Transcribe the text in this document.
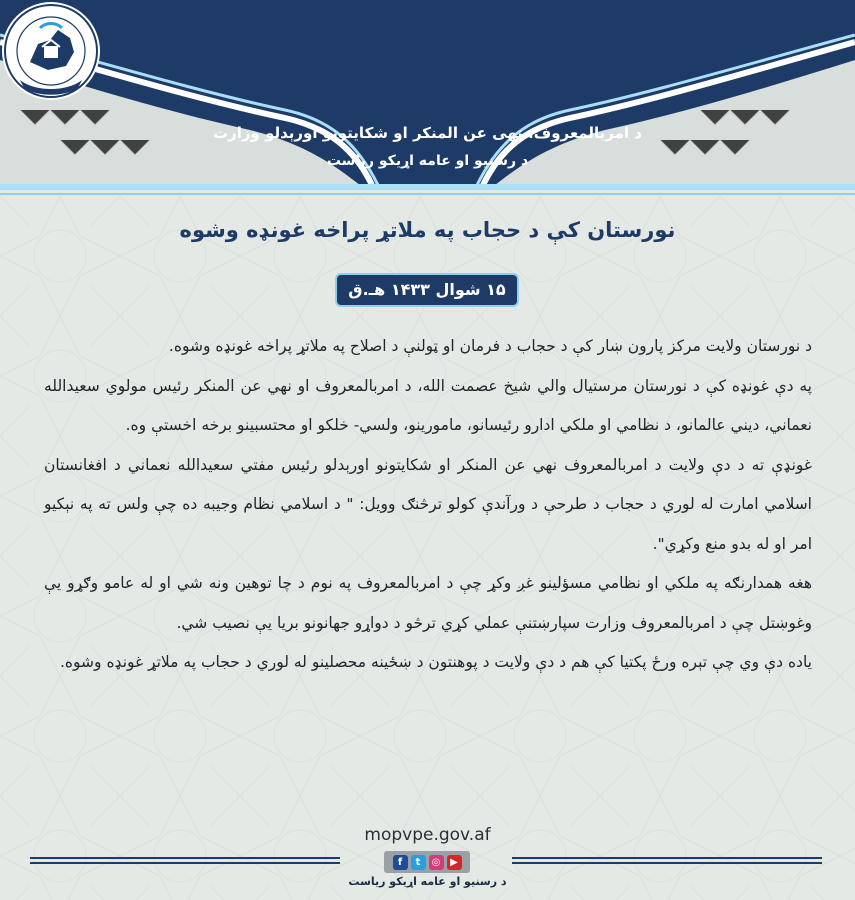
د امربالمعروف، نهی عن المنکر او شکایتونو اورېدلو وزارت
د رسنیو او عامه اړیکو ریاست
نورستان کې د حجاب په ملاتړ پراخه غونډه وشوه
۱۵ شوال ۱۴۳۳ هـ.ق

د نورستان ولایت مرکز پارون ښار کې د حجاب د فرمان او ټولنې د اصلاح په ملاتړ پراخه غونډه وشوه.

په دې غونډه کې د نورستان مرستیال والي شیخ عصمت الله، د امربالمعروف او نهي عن المنکر رئیس مولوي سعیدالله نعماني، دیني عالمانو، د نظامي او ملکي ادارو رئیسانو، مامورینو، ولسي- خلکو او محتسبینو برخه اخستې وه.

غونډې ته د دې ولایت د امربالمعروف نهي عن المنکر او شکایتونو اورېدلو رئیس مفتي سعیدالله نعماني د افغانستان اسلامي امارت له لوري د حجاب د طرحې د ورآندې کولو ترڅنګ وویل: " د اسلامي نظام وجیبه ده چې ولس ته په نېکیو امر او له بدو منع وکړي".

هغه همدارنګه په ملکي او نظامي مسؤلینو غږ وکړ چې د امربالمعروف په نوم د چا توهین ونه شي او له عامو وګړو یې وغوښتل چې د امربالمعروف وزارت سپارښتنې عملي کړي ترڅو د دواړو جهانونو بریا یې نصیب شي.

یاده دې وي چې تېره ورځ پکتیا کې هم د دې ولایت د پوهنتون د ښځینه محصلینو له لوري د حجاب په ملاتړ غونډه وشوه.

mopvpe.gov.af
f	t	◎ ▶
د رسنیو او عامه اړیکو ریاست
